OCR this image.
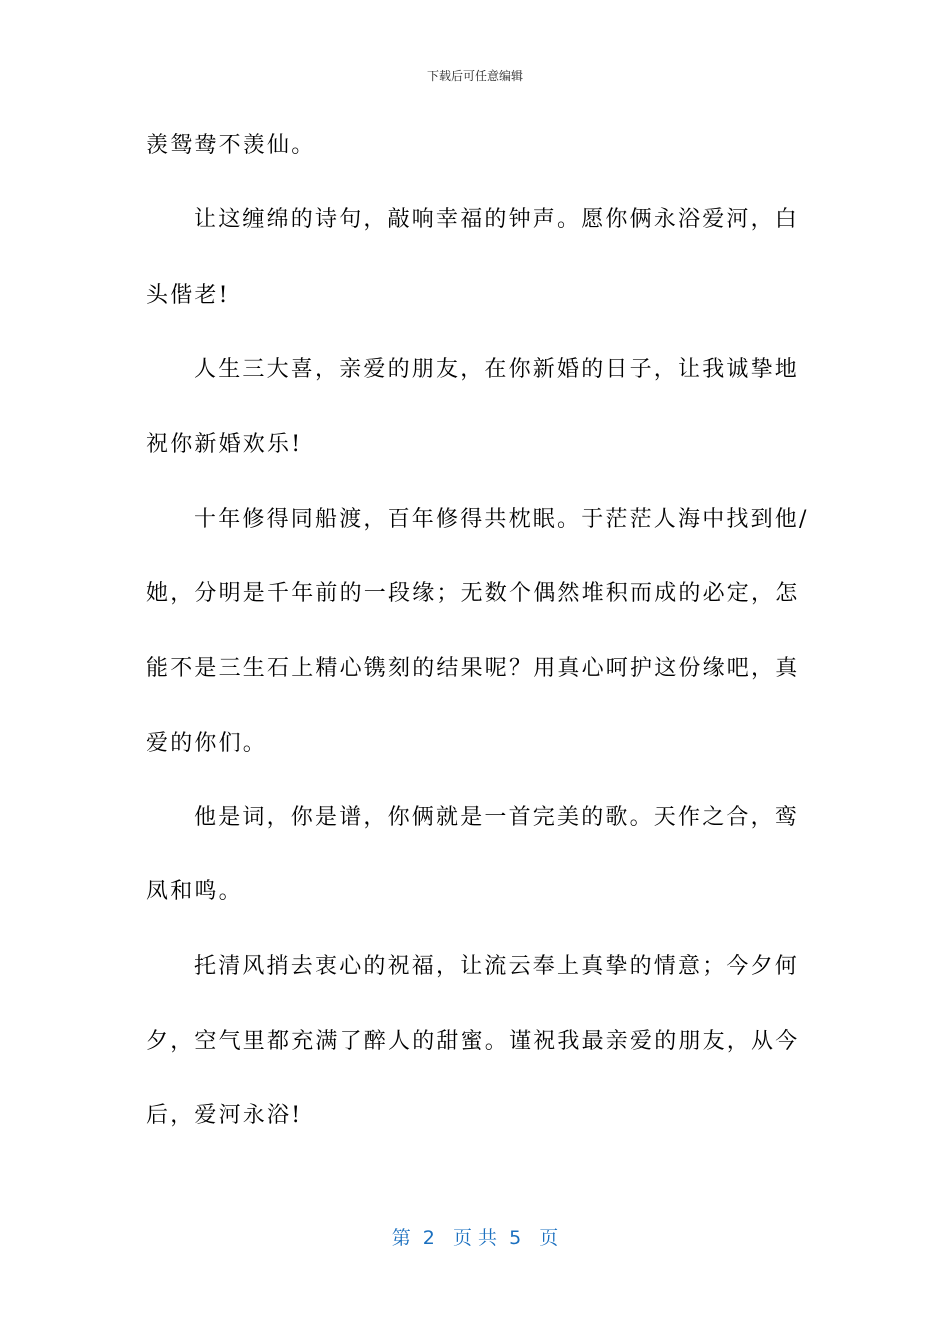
下载后可任意编辑
羡鸳鸯不羡仙。
让这缠绵的诗句，敲响幸福的钟声。愿你俩永浴爱河，白
头偕老!
人生三大喜，亲爱的朋友，在你新婚的日子，让我诚挚地
祝你新婚欢乐!
十年修得同船渡，百年修得共枕眠。于茫茫人海中找到他/
她，分明是千年前的一段缘；无数个偶然堆积而成的必定，怎
能不是三生石上精心镌刻的结果呢？用真心呵护这份缘吧，真
爱的你们。
他是词，你是谱，你俩就是一首完美的歌。天作之合，鸾
凤和鸣。
托清风捎去衷心的祝福，让流云奉上真挚的情意；今夕何
夕，空气里都充满了醉人的甜蜜。谨祝我最亲爱的朋友，从今
后，爱河永浴!
第  2   页 共  5   页
